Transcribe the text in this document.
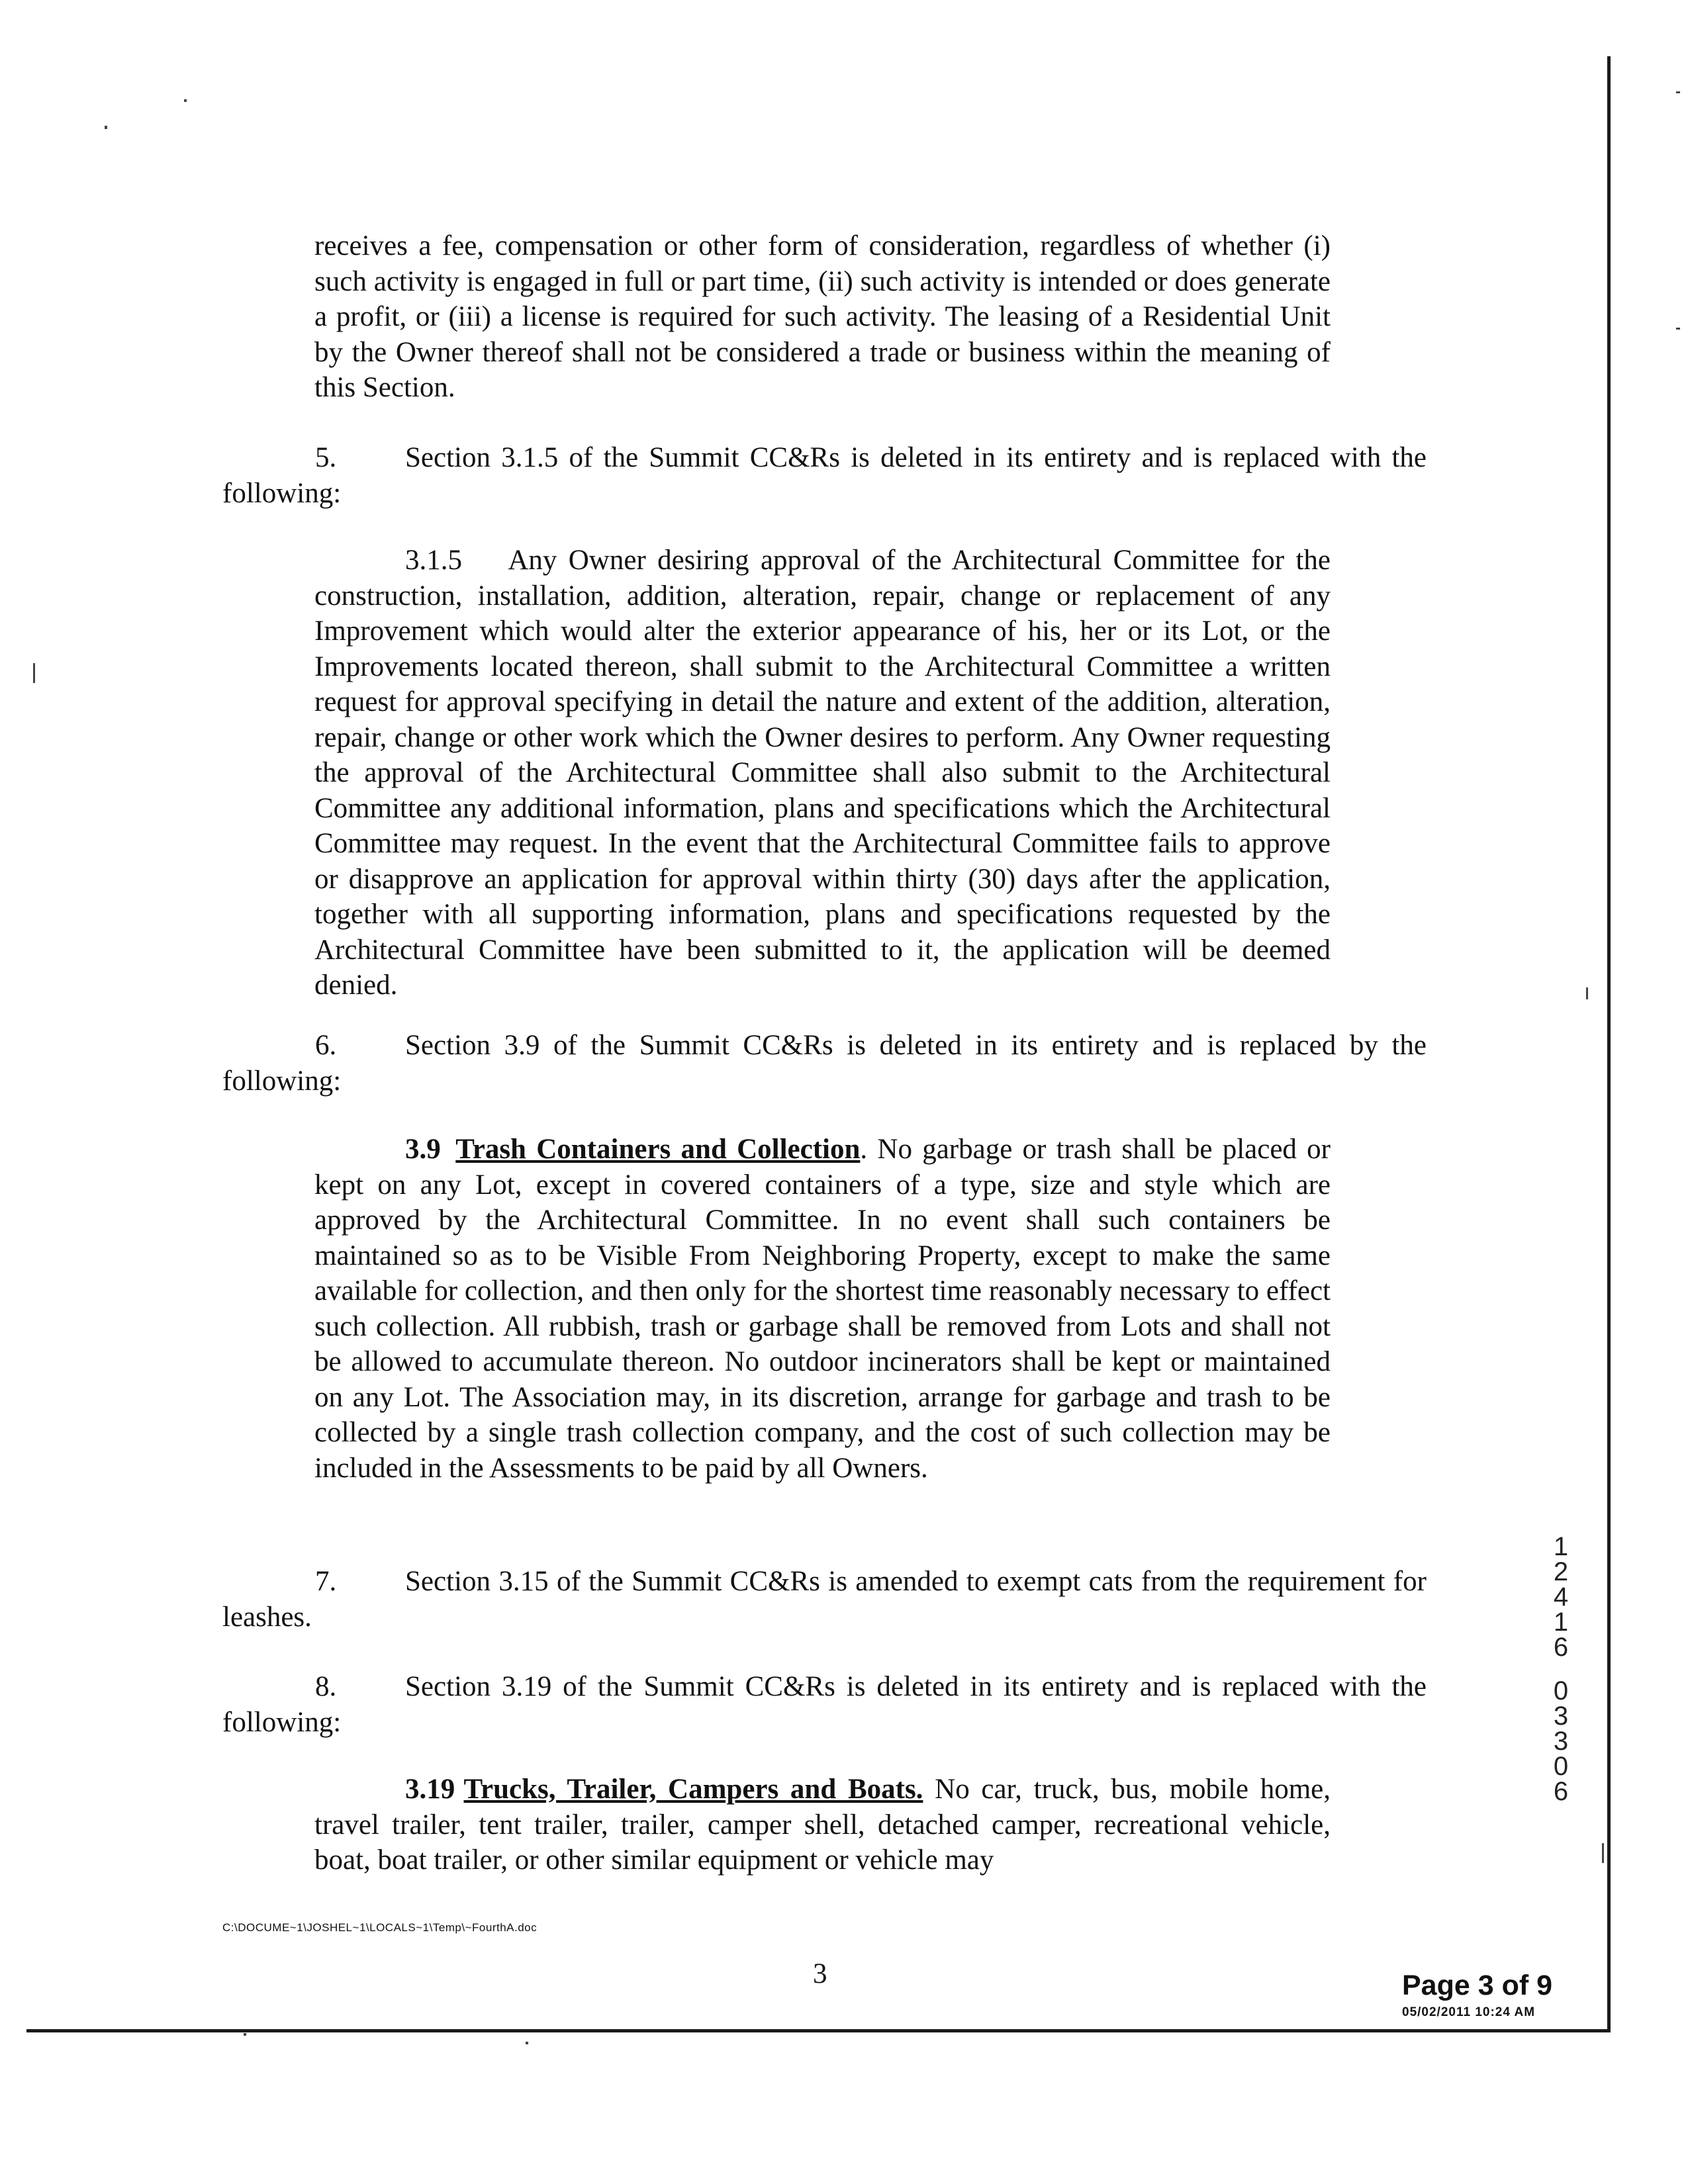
receives a fee, compensation or other form of consideration, regardless of whether (i) such activity is engaged in full or part time, (ii) such activity is intended or does generate a profit, or (iii) a license is required for such activity. The leasing of a Residential Unit by the Owner thereof shall not be considered a trade or business within the meaning of this Section.

5. Section 3.1.5 of the Summit CC&Rs is deleted in its entirety and is replaced with the following:

3.1.5 Any Owner desiring approval of the Architectural Committee for the construction, installation, addition, alteration, repair, change or replacement of any Improvement which would alter the exterior appearance of his, her or its Lot, or the Improvements located thereon, shall submit to the Architectural Committee a written request for approval specifying in detail the nature and extent of the addition, alteration, repair, change or other work which the Owner desires to perform. Any Owner requesting the approval of the Architectural Committee shall also submit to the Architectural Committee any additional information, plans and specifications which the Architectural Committee may request. In the event that the Architectural Committee fails to approve or disapprove an application for approval within thirty (30) days after the application, together with all supporting information, plans and specifications requested by the Architectural Committee have been submitted to it, the application will be deemed denied.

6. Section 3.9 of the Summit CC&Rs is deleted in its entirety and is replaced by the following:

3.9 Trash Containers and Collection. No garbage or trash shall be placed or kept on any Lot, except in covered containers of a type, size and style which are approved by the Architectural Committee. In no event shall such containers be maintained so as to be Visible From Neighboring Property, except to make the same available for collection, and then only for the shortest time reasonably necessary to effect such collection. All rubbish, trash or garbage shall be removed from Lots and shall not be allowed to accumulate thereon. No outdoor incinerators shall be kept or maintained on any Lot. The Association may, in its discretion, arrange for garbage and trash to be collected by a single trash collection company, and the cost of such collection may be included in the Assessments to be paid by all Owners.

7. Section 3.15 of the Summit CC&Rs is amended to exempt cats from the requirement for leashes.

8. Section 3.19 of the Summit CC&Rs is deleted in its entirety and is replaced with the following:

3.19 Trucks, Trailer, Campers and Boats. No car, truck, bus, mobile home, travel trailer, tent trailer, trailer, camper shell, detached camper, recreational vehicle, boat, boat trailer, or other similar equipment or vehicle may

1
2
4
1
6
0
3
3
0
6
C:\DOCUME~1\JOSHEL~1\LOCALS~1\Temp\~FourthA.doc
3	Page 3 of 9
05/02/2011 10:24 AM
